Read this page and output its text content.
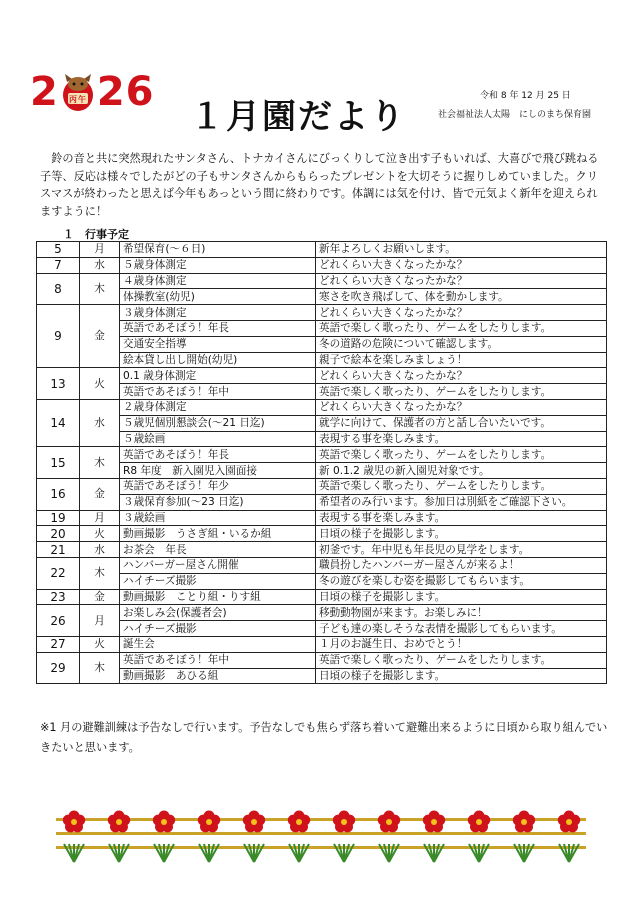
2 丙午 26
１月園だより
令和 8 年 12 月 25 日
社会福祉法人太陽　にしのまち保育園

　鈴の音と共に突然現れたサンタさん、トナカイさんにびっくりして泣き出す子もいれば、大喜びで飛び跳ねる子等、反応は様々でしたがどの子もサンタさんからもらったプレゼントを大切そうに握りしめていました。クリスマスが終わったと思えば今年もあっという間に終わりです。体調には気を付け、皆で元気よく新年を迎えられますように！

１　行事予定
5	月	希望保育(～６日)	新年よろしくお願いします。
7	水	５歳身体測定	どれくらい大きくなったかな？
8	木	４歳身体測定	どれくらい大きくなったかな？
		体操教室(幼児)	寒さを吹き飛ばして、体を動かします。
9	金	３歳身体測定	どれくらい大きくなったかな？
		英語であそぼう！年長	英語で楽しく歌ったり、ゲームをしたりします。
		交通安全指導	冬の道路の危険について確認します。
		絵本貸し出し開始(幼児)	親子で絵本を楽しみましょう！
13	火	0.1 歳身体測定	どれくらい大きくなったかな？
		英語であそぼう！年中	英語で楽しく歌ったり、ゲームをしたりします。
14	水	２歳身体測定	どれくらい大きくなったかな？
		５歳児個別懇談会(～21 日迄)	就学に向けて、保護者の方と話し合いたいです。
		５歳絵画	表現する事を楽しみます。
15	木	英語であそぼう！年長	英語で楽しく歌ったり、ゲームをしたりします。
		R8 年度　新入園児入園面接	新 0.1.2 歳児の新入園児対象です。
16	金	英語であそぼう！年少	英語で楽しく歌ったり、ゲームをしたりします。
		３歳保育参加(～23 日迄)	希望者のみ行います。参加日は別紙をご確認下さい。
19	月	３歳絵画	表現する事を楽しみます。
20	火	動画撮影　うさぎ組・いるか組	日頃の様子を撮影します。
21	水	お茶会　年長	初釜です。年中児も年長児の見学をします。
22	木	ハンバーガー屋さん開催	職員扮したハンバーガー屋さんが来るよ！
		ハイチーズ撮影	冬の遊びを楽しむ姿を撮影してもらいます。
23	金	動画撮影　ことり組・りす組	日頃の様子を撮影します。
26	月	お楽しみ会(保護者会)	移動動物園が来ます。お楽しみに！
		ハイチーズ撮影	子ども達の楽しそうな表情を撮影してもらいます。
27	火	誕生会	１月のお誕生日、おめでとう！
29	木	英語であそぼう！年中	英語で楽しく歌ったり、ゲームをしたりします。
		動画撮影　あひる組	日頃の様子を撮影します。

※1 月の避難訓練は予告なしで行います。予告なしでも焦らず落ち着いて避難出来るように日頃から取り組んでいきたいと思います。
